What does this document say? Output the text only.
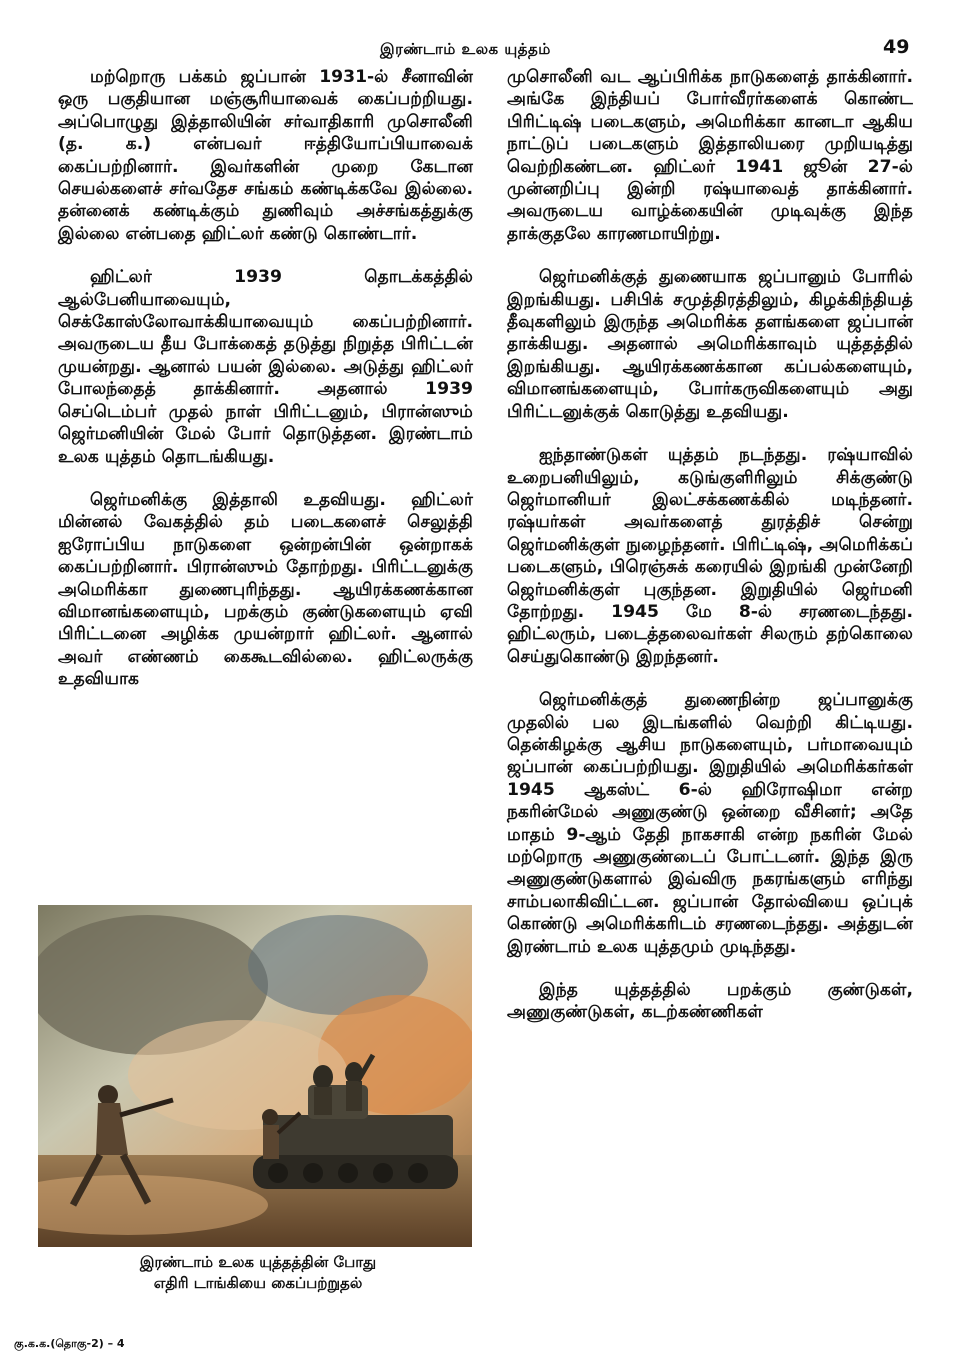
இரண்டாம் உலக யுத்தம்	49

மற்றொரு பக்கம் ஜப்பான் 1931-ல் சீனாவின் ஒரு பகுதியான மஞ்சூரியாவைக் கைப்பற்றியது. அப்பொழுது இத்தாலியின் சர்வாதிகாரி முசொலீனி (த. க.) என்பவர் ஈத்தியோப்பியாவைக் கைப்பற்றினார். இவர்களின் முறை கேடான செயல்களைச் சர்வதேச சங்கம் கண்டிக்கவே இல்லை. தன்னைக் கண்டிக்கும் துணிவும் அச்சங்கத்துக்கு இல்லை என்பதை ஹிட்லர் கண்டு கொண்டார்.

ஹிட்லர் 1939 தொடக்கத்தில் ஆல்பேனியாவையும், செக்கோஸ்லோவாக்கியாவையும் கைப்பற்றினார். அவருடைய தீய போக்கைத் தடுத்து நிறுத்த பிரிட்டன் முயன்றது. ஆனால் பயன் இல்லை. அடுத்து ஹிட்லர் போலந்தைத் தாக்கினார். அதனால் 1939 செப்டெம்பர் முதல் நாள் பிரிட்டனும், பிரான்ஸும் ஜெர்மனியின் மேல் போர் தொடுத்தன. இரண்டாம் உலக யுத்தம் தொடங்கியது.

ஜெர்மனிக்கு இத்தாலி உதவியது. ஹிட்லர் மின்னல் வேகத்தில் தம் படைகளைச் செலுத்தி ஐரோப்பிய நாடுகளை ஒன்றன்பின் ஒன்றாகக் கைப்பற்றினார். பிரான்ஸும் தோற்றது. பிரிட்டனுக்கு அமெரிக்கா துணைபுரிந்தது. ஆயிரக்கணக்கான விமானங்களையும், பறக்கும் குண்டுகளையும் ஏவி பிரிட்டனை அழிக்க முயன்றார் ஹிட்லர். ஆனால் அவர் எண்ணம் கைகூடவில்லை. ஹிட்லருக்கு உதவியாக

இரண்டாம் உலக யுத்தத்தின் போது
எதிரி டாங்கியை கைப்பற்றுதல்

முசொலீனி வட ஆப்பிரிக்க நாடுகளைத் தாக்கினார். அங்கே இந்தியப் போர்வீரர்களைக் கொண்ட பிரிட்டிஷ் படைகளும், அமெரிக்கா கானடா ஆகிய நாட்டுப் படைகளும் இத்தாலியரை முறியடித்து வெற்றிகண்டன. ஹிட்லர் 1941 ஜூன் 27-ல் முன்னறிப்பு இன்றி ரஷ்யாவைத் தாக்கினார். அவருடைய வாழ்க்கையின் முடிவுக்கு இந்த தாக்குதலே காரணமாயிற்று.

ஜெர்மனிக்குத் துணையாக ஜப்பானும் போரில் இறங்கியது. பசிபிக் சமுத்திரத்திலும், கிழக்கிந்தியத் தீவுகளிலும் இருந்த அமெரிக்க தளங்களை ஜப்பான் தாக்கியது. அதனால் அமெரிக்காவும் யுத்தத்தில் இறங்கியது. ஆயிரக்கணக்கான கப்பல்களையும், விமானங்களையும், போர்கருவிகளையும் அது பிரிட்டனுக்குக் கொடுத்து உதவியது.

ஐந்தாண்டுகள் யுத்தம் நடந்தது. ரஷ்யாவில் உறைபனியிலும், கடுங்குளிரிலும் சிக்குண்டு ஜெர்மானியர் இலட்சக்கணக்கில் மடிந்தனர். ரஷ்யர்கள் அவர்களைத் துரத்திச் சென்று ஜெர்மனிக்குள் நுழைந்தனர். பிரிட்டிஷ், அமெரிக்கப் படைகளும், பிரெஞ்சுக் கரையில் இறங்கி முன்னேறி ஜெர்மனிக்குள் புகுந்தன. இறுதியில் ஜெர்மனி தோற்றது. 1945 மே 8-ல் சரணடைந்தது. ஹிட்லரும், படைத்தலைவர்கள் சிலரும் தற்கொலை செய்துகொண்டு இறந்தனர்.

ஜெர்மனிக்குத் துணைநின்ற ஜப்பானுக்கு முதலில் பல இடங்களில் வெற்றி கிட்டியது. தென்கிழக்கு ஆசிய நாடுகளையும், பர்மாவையும் ஜப்பான் கைப்பற்றியது. இறுதியில் அமெரிக்கர்கள் 1945 ஆகஸ்ட் 6-ல் ஹிரோஷிமா என்ற நகரின்மேல் அணுகுண்டு ஒன்றை வீசினர்; அதே மாதம் 9-ஆம் தேதி நாகசாகி என்ற நகரின் மேல் மற்றொரு அணுகுண்டைப் போட்டனர். இந்த இரு அணுகுண்டுகளால் இவ்விரு நகரங்களும் எரிந்து சாம்பலாகிவிட்டன. ஜப்பான் தோல்வியை ஒப்புக் கொண்டு அமெரிக்கரிடம் சரணடைந்தது. அத்துடன் இரண்டாம் உலக யுத்தமும் முடிந்தது.

இந்த யுத்தத்தில் பறக்கும் குண்டுகள், அணுகுண்டுகள், கடற்கண்ணிகள்

கு.க.க.(தொகு-2) – 4
